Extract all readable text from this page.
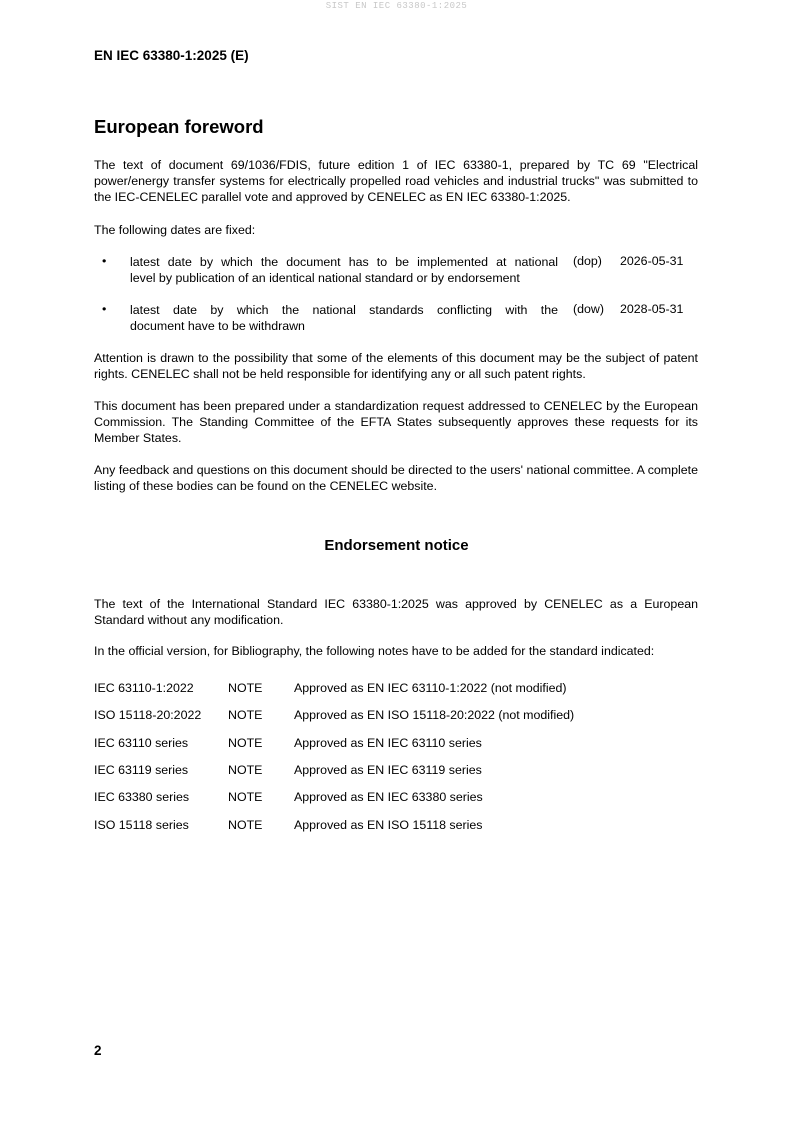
SIST EN IEC 63380-1:2025
EN IEC 63380-1:2025 (E)
European foreword
The text of document 69/1036/FDIS, future edition 1 of IEC 63380-1, prepared by TC 69 "Electrical power/energy transfer systems for electrically propelled road vehicles and industrial trucks" was submitted to the IEC-CENELEC parallel vote and approved by CENELEC as EN IEC 63380-1:2025.
The following dates are fixed:
• latest date by which the document has to be implemented at national
level by publication of an identical national standard or by endorsement
(dop) 2026-05-31
• latest date by which the national standards conflicting with the
document have to be withdrawn
(dow) 2028-05-31
Attention is drawn to the possibility that some of the elements of this document may be the subject of patent rights. CENELEC shall not be held responsible for identifying any or all such patent rights.
This document has been prepared under a standardization request addressed to CENELEC by the European Commission. The Standing Committee of the EFTA States subsequently approves these requests for its Member States.
Any feedback and questions on this document should be directed to the users' national committee. A complete listing of these bodies can be found on the CENELEC website.
Endorsement notice
The text of the International Standard IEC 63380-1:2025 was approved by CENELEC as a European Standard without any modification.
In the official version, for Bibliography, the following notes have to be added for the standard indicated:
IEC 63110-1:2022	NOTE	Approved as EN IEC 63110-1:2022 (not modified)
ISO 15118-20:2022 NOTE	Approved as EN ISO 15118-20:2022 (not modified)
IEC 63110 series	NOTE	Approved as EN IEC 63110 series
IEC 63119 series	NOTE	Approved as EN IEC 63119 series
IEC 63380 series	NOTE	Approved as EN IEC 63380 series
ISO 15118 series	NOTE	Approved as EN ISO 15118 series
2
